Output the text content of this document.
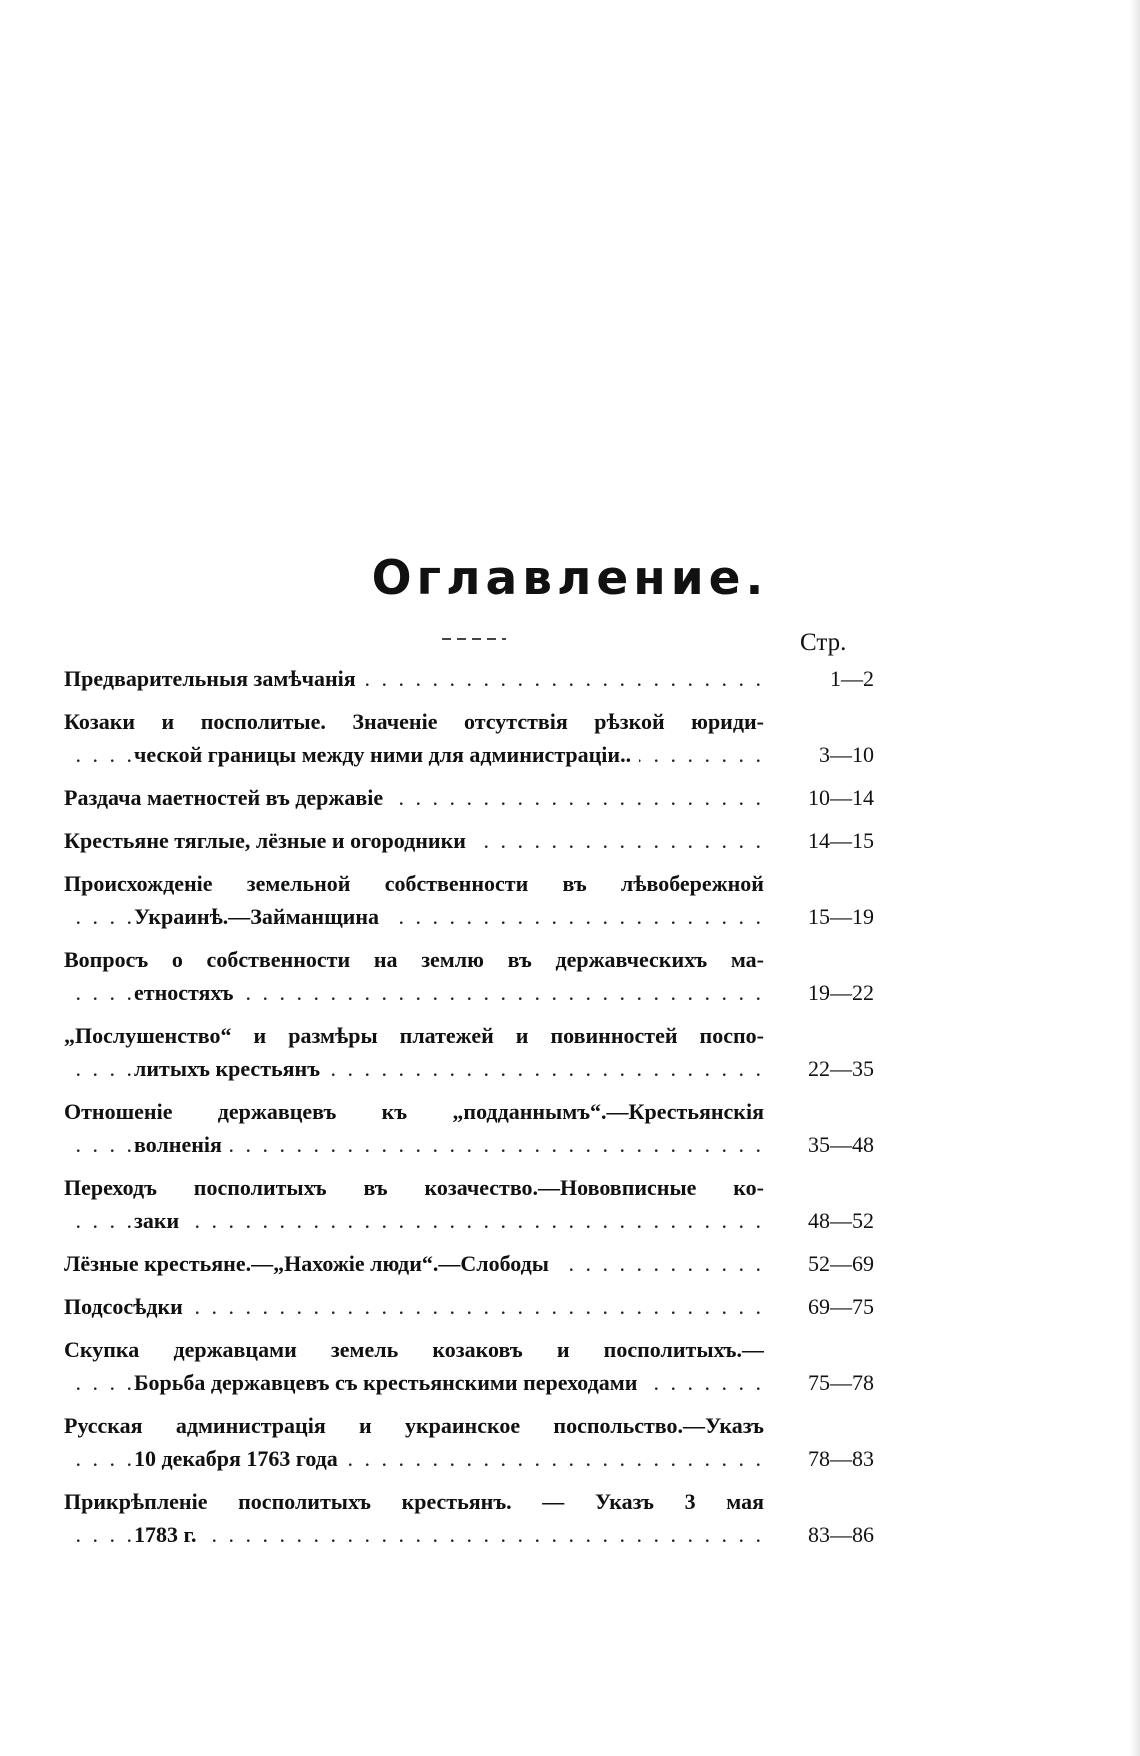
Оглавление.
Стр.
Предварительныя замѣчанія . . .	1—2
Козаки и посполитые. Значеніе отсутствія рѣзкой юриди-
ческой границы между ними для администраціи.. . . .	3—10
Раздача маетностей въ державіе . . .	10—14
Крестьяне тяглые, лёзные и огородники . . .	14—15
Происхожденіе земельной собственности въ лѣвобережной
Украинѣ.—Займанщина . . .	15—19
Вопросъ о собственности на землю въ державческихъ ма-
етностяхъ . . .	19—22
„Послушенство“ и размѣры платежей и повинностей поспо-
литыхъ крестьянъ . . .	22—35
Отношеніе державцевъ къ „подданнымъ“.—Крестьянскія
волненія . . .	35—48
Переходъ посполитыхъ въ козачество.—Нововписные ко-
заки . . .	48—52
Лёзные крестьяне.—„Нахожіе люди“.—Слободы . . .	52—69
Подсосѣдки . . .	69—75
Скупка державцами земель козаковъ и посполитыхъ.—
Борьба державцевъ съ крестьянскими переходами . . .	75—78
Русская администрація и украинское поспольство.—Указъ
10 декабря 1763 года . . .	78—83
Прикрѣпленіе посполитыхъ крестьянъ. — Указъ 3 мая
1783 г. . . .	83—86
